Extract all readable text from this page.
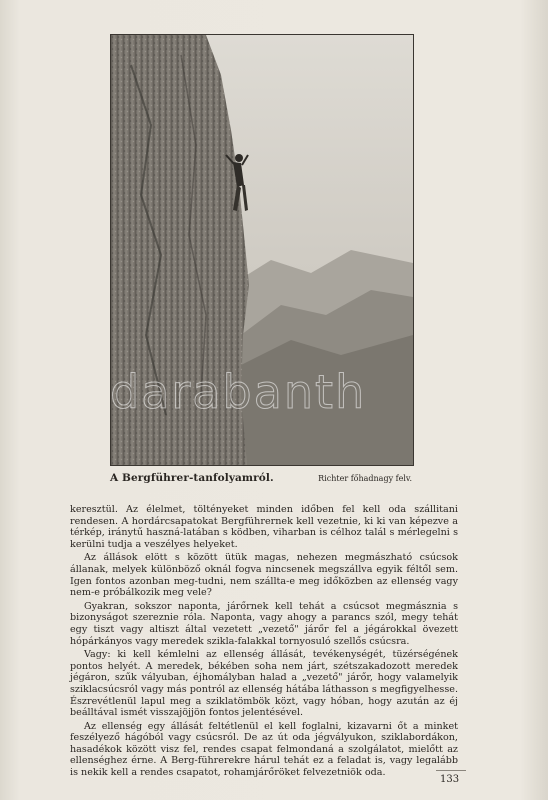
A Bergführer-tanfolyamról.	Richter főhadnagy felv.

keresztül. Az élelmet, töltényeket minden időben fel kell oda szállitani rendesen. A hordárcsapatokat Bergführernek kell vezetnie, ki ki van képezve a térkép, iránytű haszná-latában s ködben, viharban is célhoz talál s mérlegelni s kerülni tudja a veszélyes helyeket.

Az állások elött s között ütük magas, nehezen megmászható csúcsok állanak, melyek különböző oknál fogva nincsenek megszállva egyik féltől sem. Igen fontos azonban meg-tudni, nem szállta-e meg időközben az ellenség vagy nem-e próbálkozik meg vele?

Gyakran, sokszor naponta, járőrnek kell tehát a csúcsot megmásznia s bizonyságot szereznie róla. Naponta, vagy ahogy a parancs szól, megy tehát egy tiszt vagy altiszt által vezetett „vezető" járőr fel a jégárokkal övezett hópárkányos vagy meredek szikla-falakkal tornyosuló szellős csúcsra.

Vagy: ki kell kémlelni az ellenség állását, tevékenységét, tüzérségének pontos helyét. A meredek, békében soha nem járt, szétszakadozott meredek jégáron, szűk vályuban, éjhomályban halad a „vezető" járőr, hogy valamelyik sziklacsúcsról vagy más pontról az ellenség hátába láthasson s megfigyelhesse. Észrevétlenül lapul meg a sziklatömbök közt, vagy hóban, hogy azután az éj beálltával ismét visszajöjjön fontos jelentésével.

Az ellenség egy állását feltétlenül el kell foglalni, kizavarni őt a minket feszélyező hágóból vagy csúcsról. De az út oda jégvályukon, sziklabordákon, hasadékok között visz fel, rendes csapat felmondaná a szolgálatot, mielőtt az ellenséghez érne. A Berg-führerekre hárul tehát ez a feladat is, vagy legalább is nekik kell a rendes csapatot, rohamjárőröket felvezetniök oda.

133
